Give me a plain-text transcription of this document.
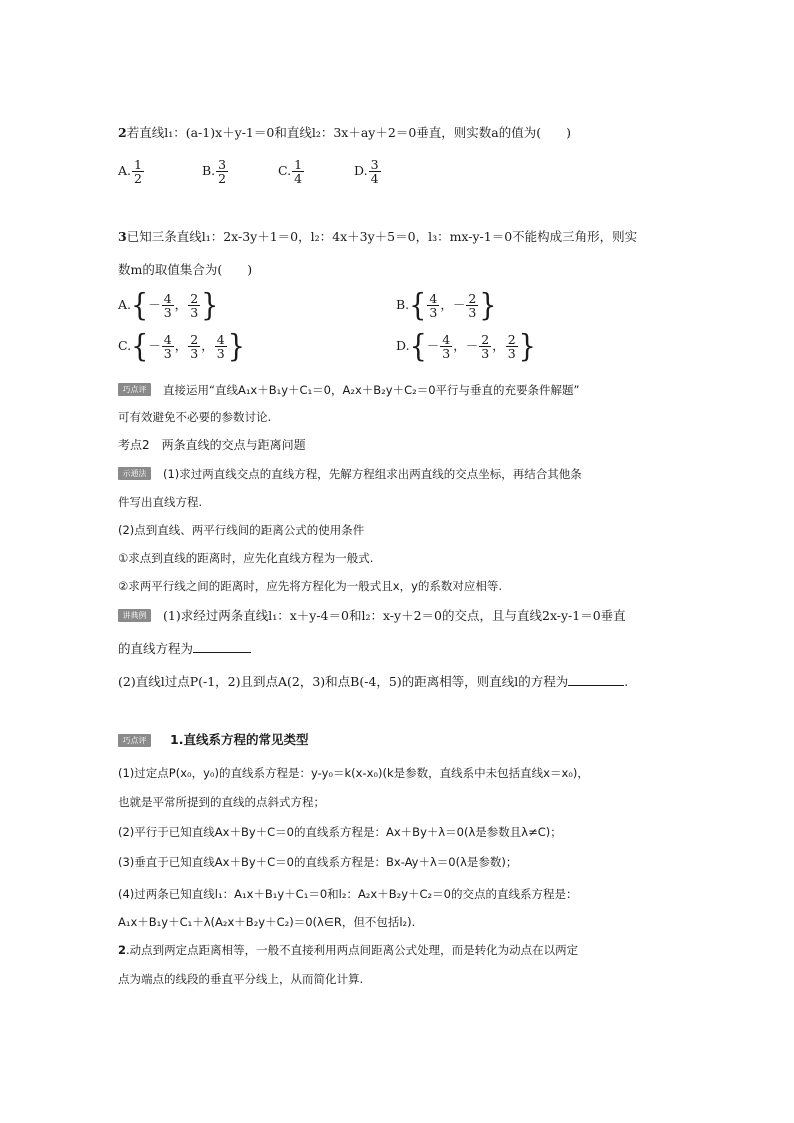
2若直线l₁：(a-1)x＋y-1＝0和直线l₂：3x＋ay＋2＝0垂直，则实数a的值为(　　)
A. $\frac{1}{2}$	B. $\frac{3}{2}$	C. $\frac{1}{4}$	D. $\frac{3}{4}$
3已知三条直线l₁：2x-3y＋1＝0，l₂：4x＋3y＋5＝0，l₃：mx-y-1＝0不能构成三角形，则实
数m的取值集合为(　　)
$A.\{- \frac{4}{3}$ ， $\frac{2}{3}$ }	$B.\{ \frac{4}{3}$ ，－ $\frac{2}{3}$ }
$C.\{- \frac{4}{3}$ ， $\frac{2}{3}$ ， $\frac{4}{3}$ }	$D.\{- \frac{4}{3}$ ，－ $\frac{2}{3}$ ， $\frac{2}{3}$ }
巧点评	直接运用“直线A₁x＋B₁y＋C₁＝0，A₂x＋B₂y＋C₂＝0平行与垂直的充要条件解题”
可有效避免不必要的参数讨论.
考点2　两条直线的交点与距离问题
示通法	(1)求过两直线交点的直线方程，先解方程组求出两直线的交点坐标，再结合其他条
件写出直线方程.
(2)点到直线、两平行线间的距离公式的使用条件
①求点到直线的距离时，应先化直线方程为一般式.
②求两平行线之间的距离时，应先将方程化为一般式且x，y的系数对应相等.
讲典例	(1)求经过两条直线l₁：x＋y-4＝0和l₂：x-y＋2＝0的交点，且与直线2x-y-1＝0垂直
的直线方程为
(2)直线l过点P(-1，2)且到点A(2，3)和点B(-4，5)的距离相等，则直线l的方程为	.
巧点评	1.直线系方程的常见类型
(1)过定点P(x₀，y₀)的直线系方程是：y-y₀＝k(x-x₀)(k是参数，直线系中未包括直线x＝x₀)，
也就是平常所提到的直线的点斜式方程；
(2)平行于已知直线Ax＋By＋C＝0的直线系方程是：Ax＋By＋λ＝0(λ是参数且λ≠C)；
(3)垂直于已知直线Ax＋By＋C＝0的直线系方程是：Bx-Ay＋λ＝0(λ是参数)；
(4)过两条已知直线l₁：A₁x＋B₁y＋C₁＝0和l₂：A₂x＋B₂y＋C₂＝0的交点的直线系方程是：
A₁x＋B₁y＋C₁＋λ(A₂x＋B₂y＋C₂)＝0(λ∈R，但不包括l₂).
2.动点到两定点距离相等，一般不直接利用两点间距离公式处理，而是转化为动点在以两定
点为端点的线段的垂直平分线上，从而简化计算.
